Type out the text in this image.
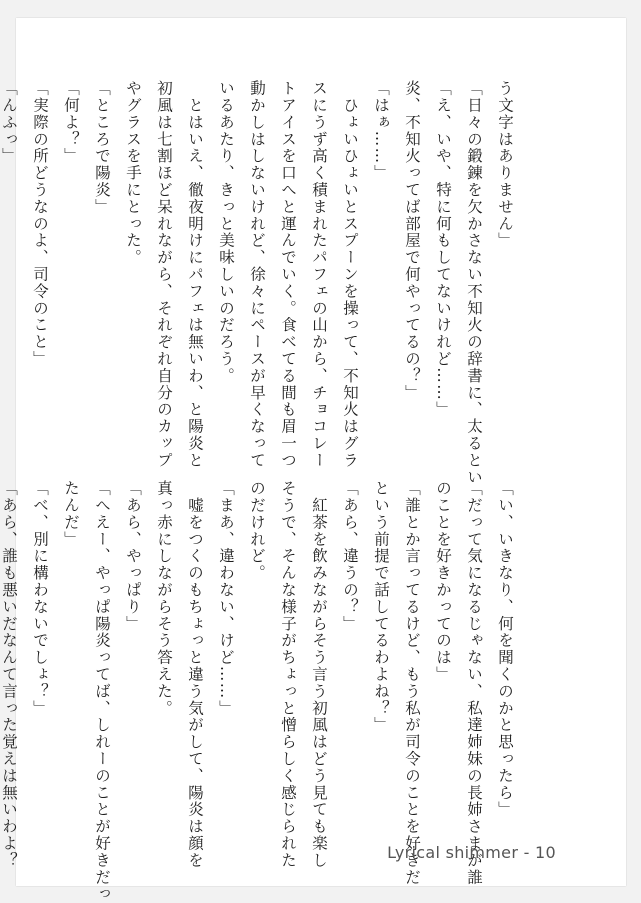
う文字はありません」

「日々の鍛錬を欠かさない不知火の辞書に、太るとい

「え、いや、特に何もしてないけれど……」

炎、不知火ってば部屋で何やってるの？」

「はぁ……」

　ひょいひょいとスプーンを操って、不知火はグラ

スにうず高く積まれたパフェの山から、チョコレー

トアイスを口へと運んでいく。食べてる間も眉一つ

動かしはしないけれど、徐々にペースが早くなって

いるあたり、きっと美味しいのだろう。

　とはいえ、徹夜明けにパフェは無いわ、と陽炎と

初風は七割ほど呆れながら、それぞれ自分のカップ

やグラスを手にとった。

「ところで陽炎」

「何よ？」

「実際の所どうなのよ、司令のこと」

「んふっ」

「い、いきなり、何を聞くのかと思ったら」

「だって気になるじゃない、私達姉妹の長姉さまが誰

のことを好きかってのは」

「誰とか言ってるけど、もう私が司令のことを好きだ

という前提で話してるわよね？」

「あら、違うの？」

　紅茶を飲みながらそう言う初風はどう見ても楽し

そうで、そんな様子がちょっと憎らしく感じられた

のだけれど。

「まあ、違わない、けど……」

　嘘をつくのもちょっと違う気がして、陽炎は顔を

真っ赤にしながらそう答えた。

「あら、やっぱり」

「へえー、やっぱ陽炎ってば、しれーのことが好きだっ

たんだ」

「べ、別に構わないでしょ？」

「あら、誰も悪いだなんて言った覚えは無いわよ？	Lyrical shimmer - 10
